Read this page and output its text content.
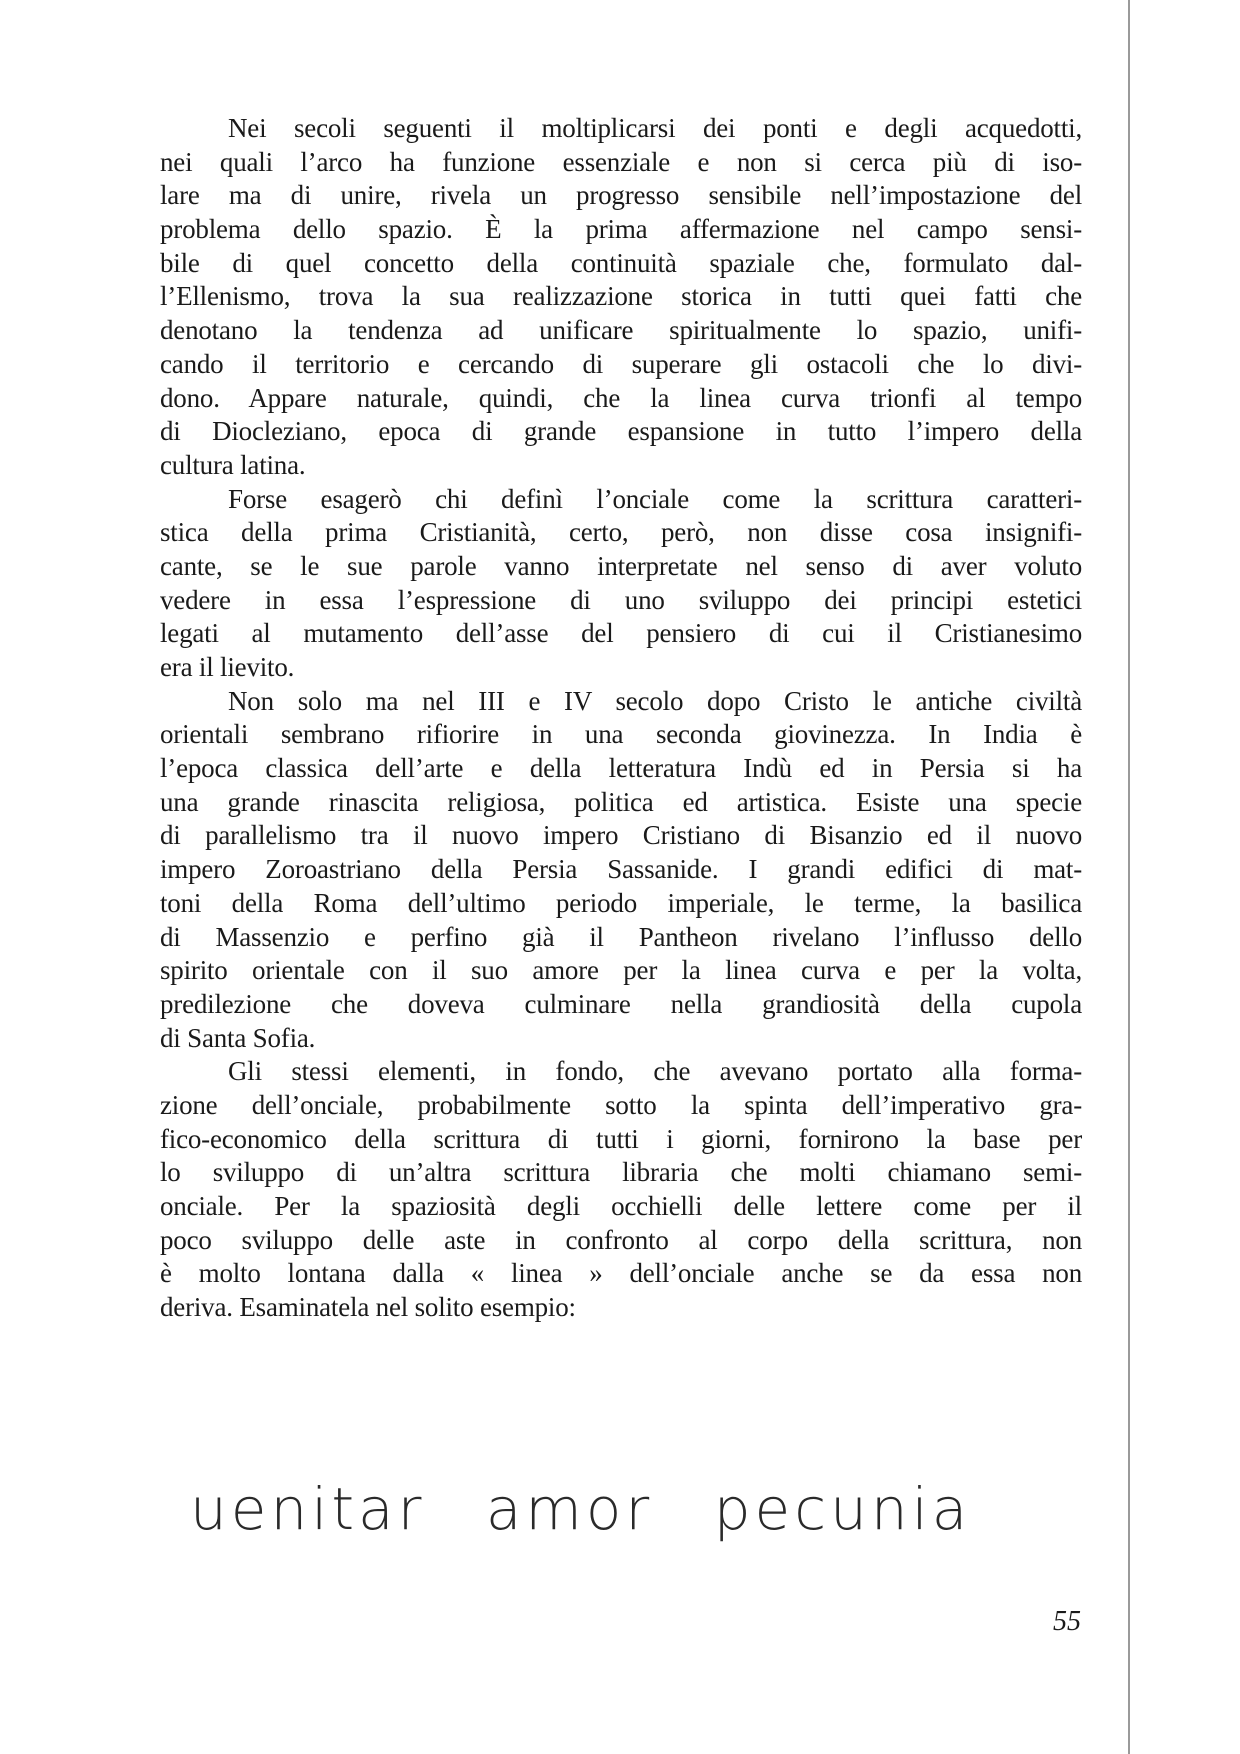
Nei secoli seguenti il moltiplicarsi dei ponti e degli acquedotti,
nei quali l’arco ha funzione essenziale e non si cerca più di iso-
lare ma di unire, rivela un progresso sensibile nell’impostazione del
problema dello spazio. È la prima affermazione nel campo sensi-
bile di quel concetto della continuità spaziale che, formulato dal-
l’Ellenismo, trova la sua realizzazione storica in tutti quei fatti che
denotano la tendenza ad unificare spiritualmente lo spazio, unifi-
cando il territorio e cercando di superare gli ostacoli che lo divi-
dono. Appare naturale, quindi, che la linea curva trionfi al tempo
di Diocleziano, epoca di grande espansione in tutto l’impero della
cultura latina.
Forse esagerò chi definì l’onciale come la scrittura caratteri-
stica della prima Cristianità, certo, però, non disse cosa insignifi-
cante, se le sue parole vanno interpretate nel senso di aver voluto
vedere in essa l’espressione di uno sviluppo dei principi estetici
legati al mutamento dell’asse del pensiero di cui il Cristianesimo
era il lievito.
Non solo ma nel III e IV secolo dopo Cristo le antiche civiltà
orientali sembrano rifiorire in una seconda giovinezza. In India è
l’epoca classica dell’arte e della letteratura Indù ed in Persia si ha
una grande rinascita religiosa, politica ed artistica. Esiste una specie
di parallelismo tra il nuovo impero Cristiano di Bisanzio ed il nuovo
impero Zoroastriano della Persia Sassanide. I grandi edifici di mat-
toni della Roma dell’ultimo periodo imperiale, le terme, la basilica
di Massenzio e perfino già il Pantheon rivelano l’influsso dello
spirito orientale con il suo amore per la linea curva e per la volta,
predilezione che doveva culminare nella grandiosità della cupola
di Santa Sofia.
Gli stessi elementi, in fondo, che avevano portato alla forma-
zione dell’onciale, probabilmente sotto la spinta dell’imperativo gra-
fico-economico della scrittura di tutti i giorni, fornirono la base per
lo sviluppo di un’altra scrittura libraria che molti chiamano semi-
onciale. Per la spaziosità degli occhielli delle lettere come per il
poco sviluppo delle aste in confronto al corpo della scrittura, non
è molto lontana dalla « linea » dell’onciale anche se da essa non
deriva. Esaminatela nel solito esempio:
uenitar amor pecunia
55
